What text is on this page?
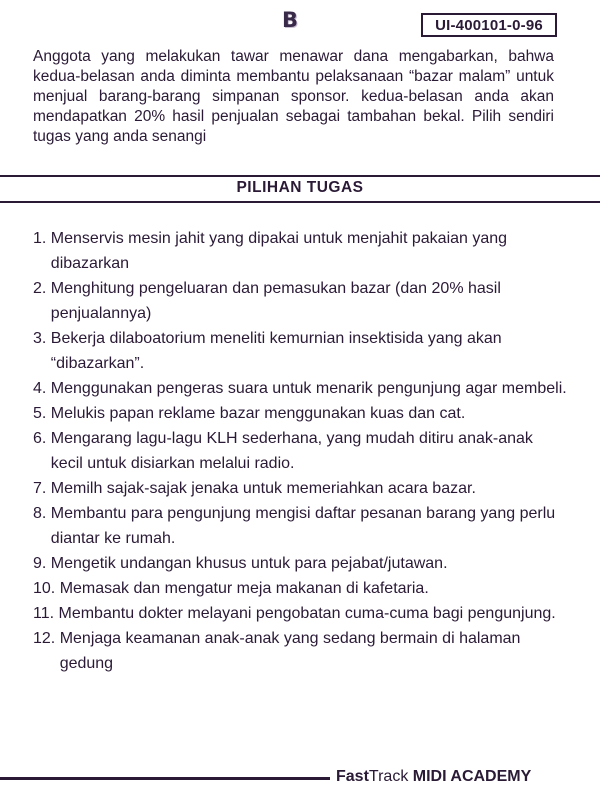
B	UI-400101-0-96

Anggota yang melakukan tawar menawar dana mengabarkan, bahwa kedua-belasan anda diminta membantu pelaksanaan “bazar malam” untuk menjual barang-barang simpanan sponsor. kedua-belasan anda akan mendapatkan 20% hasil penjualan sebagai tambahan bekal. Pilih sendiri tugas yang anda senangi

PILIHAN TUGAS
1. Menservis mesin jahit yang dipakai untuk menjahit pakaian yang dibazarkan
2. Menghitung pengeluaran dan pemasukan bazar (dan 20% hasil penjualannya)
3. Bekerja dilaboatorium meneliti kemurnian insektisida yang akan “dibazarkan”.
4. Menggunakan pengeras suara untuk menarik pengunjung agar membeli.
5. Melukis papan reklame bazar menggunakan kuas dan cat.
6. Mengarang lagu-lagu KLH sederhana, yang mudah ditiru anak-anak kecil untuk disiarkan melalui radio.
7. Memilh sajak-sajak jenaka untuk memeriahkan acara bazar.
8. Membantu para pengunjung mengisi daftar pesanan barang yang perlu diantar ke rumah.
9. Mengetik undangan khusus untuk para pejabat/jutawan.
10. Memasak dan mengatur meja makanan di kafetaria.
11. Membantu dokter melayani pengobatan cuma-cuma bagi pengunjung.
12. Menjaga keamanan anak-anak yang sedang bermain di halaman gedung
FastTrack MIDI ACADEMY
